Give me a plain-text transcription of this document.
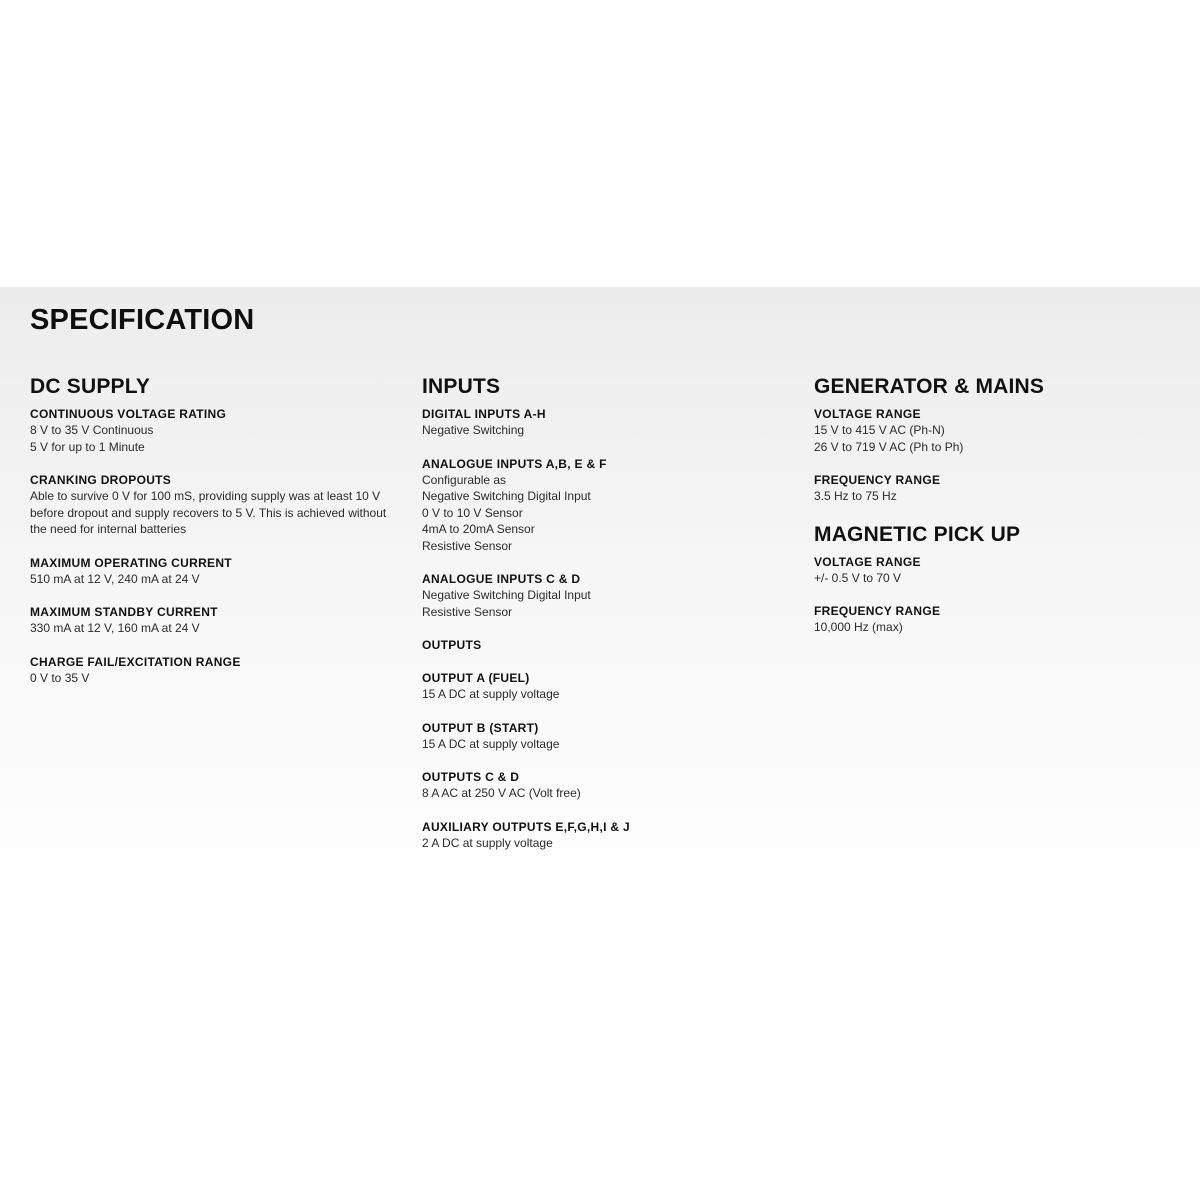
SPECIFICATION
DC SUPPLY
CONTINUOUS VOLTAGE RATING
8 V to 35 V Continuous
5 V for up to 1 Minute
CRANKING DROPOUTS
Able to survive 0 V for 100 mS, providing supply was at least 10 V before dropout and supply recovers to 5 V. This is achieved without the need for internal batteries
MAXIMUM OPERATING CURRENT
510 mA at 12 V, 240 mA at 24 V
MAXIMUM STANDBY CURRENT
330 mA at 12 V, 160 mA at 24 V
CHARGE FAIL/EXCITATION RANGE
0 V to 35 V
INPUTS
DIGITAL INPUTS A-H
Negative Switching
ANALOGUE INPUTS A,B, E & F
Configurable as
Negative Switching Digital Input
0 V to 10 V Sensor
4mA to 20mA Sensor
Resistive Sensor
ANALOGUE INPUTS C & D
Negative Switching Digital Input
Resistive Sensor
OUTPUTS
OUTPUT A (FUEL)
15 A DC at supply voltage
OUTPUT B (START)
15 A DC at supply voltage
OUTPUTS C & D
8 A AC at 250 V AC (Volt free)
AUXILIARY OUTPUTS E,F,G,H,I & J
2 A DC at supply voltage
GENERATOR & MAINS
VOLTAGE RANGE
15 V to 415 V AC (Ph-N)
26 V to 719 V AC (Ph to Ph)
FREQUENCY RANGE
3.5 Hz to 75 Hz
MAGNETIC PICK UP
VOLTAGE RANGE
+/- 0.5 V to 70 V
FREQUENCY RANGE
10,000 Hz (max)
